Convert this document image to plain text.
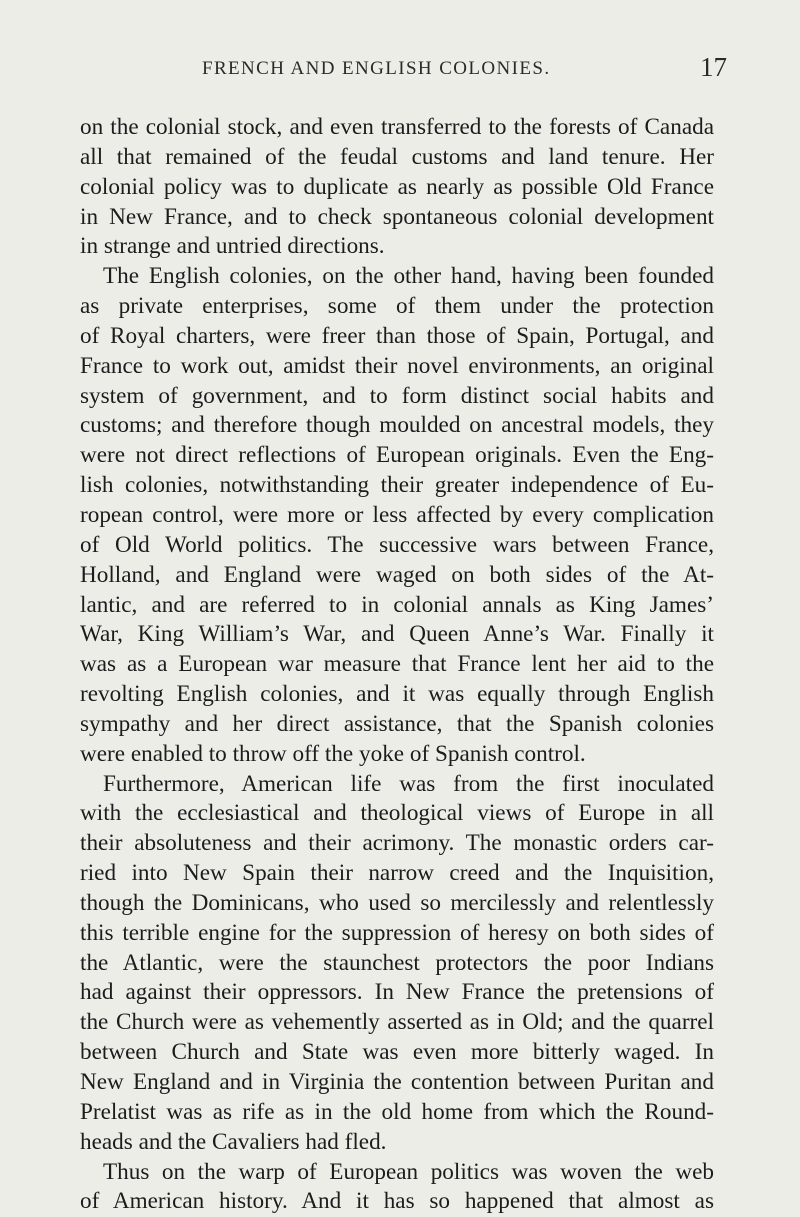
FRENCH AND ENGLISH COLONIES.	17
on the colonial stock, and even transferred to the forests of Canada
all that remained of the feudal customs and land tenure. Her
colonial policy was to duplicate as nearly as possible Old France
in New France, and to check spontaneous colonial development
in strange and untried directions.
The English colonies, on the other hand, having been founded
as private enterprises, some of them under the protection
of Royal charters, were freer than those of Spain, Portugal, and
France to work out, amidst their novel environments, an original
system of government, and to form distinct social habits and
customs; and therefore though moulded on ancestral models, they
were not direct reflections of European originals. Even the Eng-
lish colonies, notwithstanding their greater independence of Eu-
ropean control, were more or less affected by every complication
of Old World politics. The successive wars between France,
Holland, and England were waged on both sides of the At-
lantic, and are referred to in colonial annals as King James’
War, King William’s War, and Queen Anne’s War. Finally it
was as a European war measure that France lent her aid to the
revolting English colonies, and it was equally through English
sympathy and her direct assistance, that the Spanish colonies
were enabled to throw off the yoke of Spanish control.
Furthermore, American life was from the first inoculated
with the ecclesiastical and theological views of Europe in all
their absoluteness and their acrimony. The monastic orders car-
ried into New Spain their narrow creed and the Inquisition,
though the Dominicans, who used so mercilessly and relentlessly
this terrible engine for the suppression of heresy on both sides of
the Atlantic, were the staunchest protectors the poor Indians
had against their oppressors. In New France the pretensions of
the Church were as vehemently asserted as in Old; and the quarrel
between Church and State was even more bitterly waged. In
New England and in Virginia the contention between Puritan and
Prelatist was as rife as in the old home from which the Round-
heads and the Cavaliers had fled.
Thus on the warp of European politics was woven the web
of American history. And it has so happened that almost as
